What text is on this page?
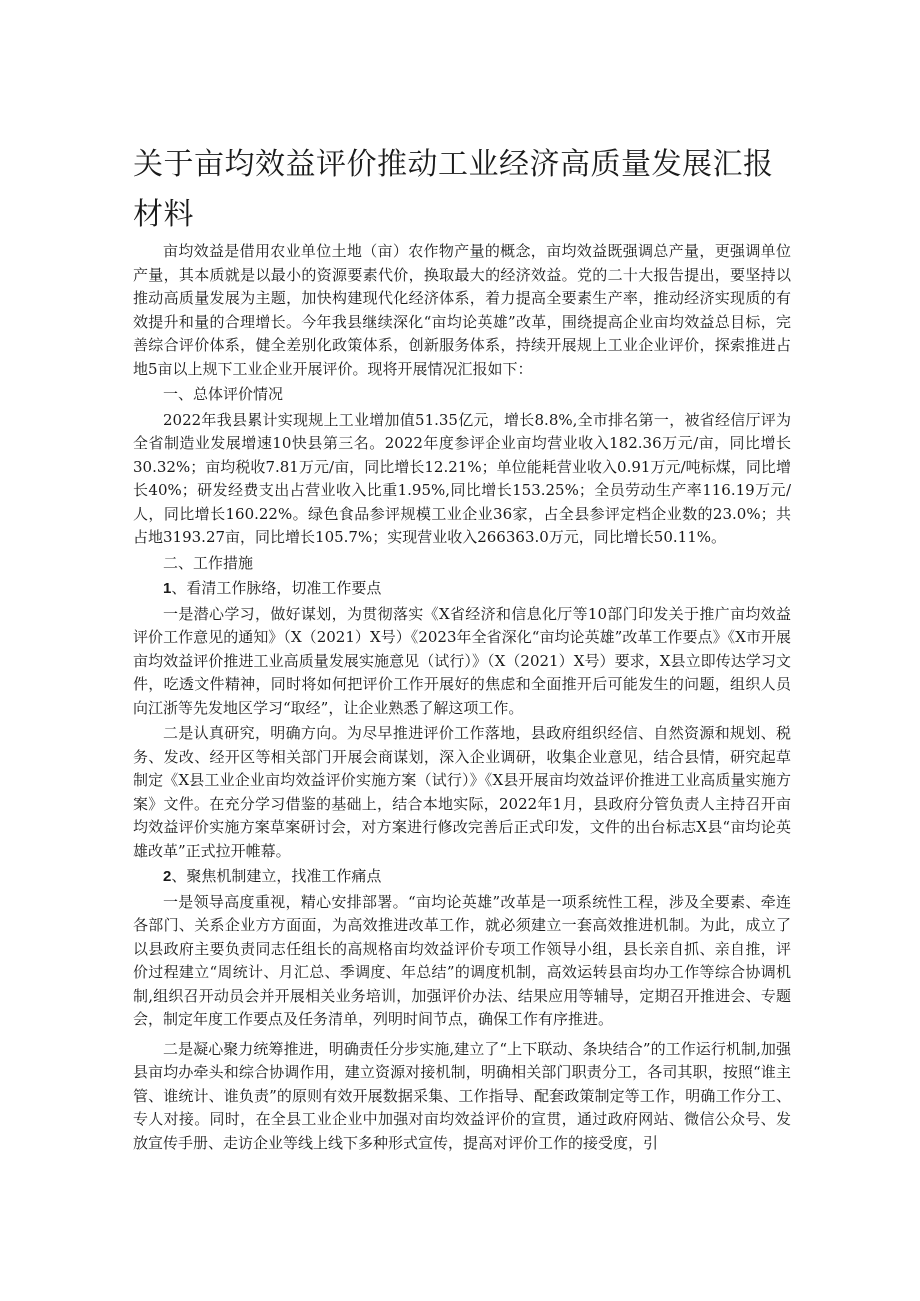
关于亩均效益评价推动工业经济高质量发展汇报材料

亩均效益是借用农业单位土地（亩）农作物产量的概念，亩均效益既强调总产量，更强调单位产量，其本质就是以最小的资源要素代价，换取最大的经济效益。党的二十大报告提出，要坚持以推动高质量发展为主题，加快构建现代化经济体系，着力提高全要素生产率，推动经济实现质的有效提升和量的合理增长。今年我县继续深化“亩均论英雄”改革，围绕提高企业亩均效益总目标，完善综合评价体系，健全差别化政策体系，创新服务体系，持续开展规上工业企业评价，探索推进占地5亩以上规下工业企业开展评价。现将开展情况汇报如下：

一、总体评价情况

2022年我县累计实现规上工业增加值51.35亿元，增长8.8%,全市排名第一，被省经信厅评为全省制造业发展增速10快县第三名。2022年度参评企业亩均营业收入182.36万元/亩，同比增长30.32%；亩均税收7.81万元/亩，同比增长12.21%；单位能耗营业收入0.91万元/吨标煤，同比增长40%；研发经费支出占营业收入比重1.95%,同比增长153.25%；全员劳动生产率116.19万元/人，同比增长160.22%。绿色食品参评规模工业企业36家，占全县参评定档企业数的23.0%；共占地3193.27亩，同比增长105.7%；实现营业收入266363.0万元，同比增长50.11%。

二、工作措施

1、看清工作脉络，切准工作要点

一是潜心学习，做好谋划，为贯彻落实《X省经济和信息化厅等10部门印发关于推广亩均效益评价工作意见的通知》（X（2021）X号）《2023年全省深化“亩均论英雄”改革工作要点》《X市开展亩均效益评价推进工业高质量发展实施意见（试行）》（X（2021）X号）要求，X县立即传达学习文件，吃透文件精神，同时将如何把评价工作开展好的焦虑和全面推开后可能发生的问题，组织人员向江浙等先发地区学习“取经”，让企业熟悉了解这项工作。

二是认真研究，明确方向。为尽早推进评价工作落地，县政府组织经信、自然资源和规划、税务、发改、经开区等相关部门开展会商谋划，深入企业调研，收集企业意见，结合县情，研究起草制定《X县工业企业亩均效益评价实施方案（试行）》《X县开展亩均效益评价推进工业高质量实施方案》文件。在充分学习借鉴的基础上，结合本地实际，2022年1月，县政府分管负责人主持召开亩均效益评价实施方案草案研讨会，对方案进行修改完善后正式印发，文件的出台标志X县“亩均论英雄改革”正式拉开帷幕。

2、聚焦机制建立，找准工作痛点

一是领导高度重视，精心安排部署。“亩均论英雄”改革是一项系统性工程，涉及全要素、牵连各部门、关系企业方方面面，为高效推进改革工作，就必须建立一套高效推进机制。为此，成立了以县政府主要负责同志任组长的高规格亩均效益评价专项工作领导小组，县长亲自抓、亲自推，评价过程建立“周统计、月汇总、季调度、年总结”的调度机制，高效运转县亩均办工作等综合协调机制,组织召开动员会并开展相关业务培训，加强评价办法、结果应用等辅导，定期召开推进会、专题会，制定年度工作要点及任务清单，列明时间节点，确保工作有序推进。

二是凝心聚力统筹推进，明确责任分步实施,建立了“上下联动、条块结合”的工作运行机制,加强县亩均办牵头和综合协调作用，建立资源对接机制，明确相关部门职责分工，各司其职，按照“谁主管、谁统计、谁负责”的原则有效开展数据采集、工作指导、配套政策制定等工作，明确工作分工、专人对接。同时，在全县工业企业中加强对亩均效益评价的宣贯，通过政府网站、微信公众号、发放宣传手册、走访企业等线上线下多种形式宣传，提高对评价工作的接受度，引
